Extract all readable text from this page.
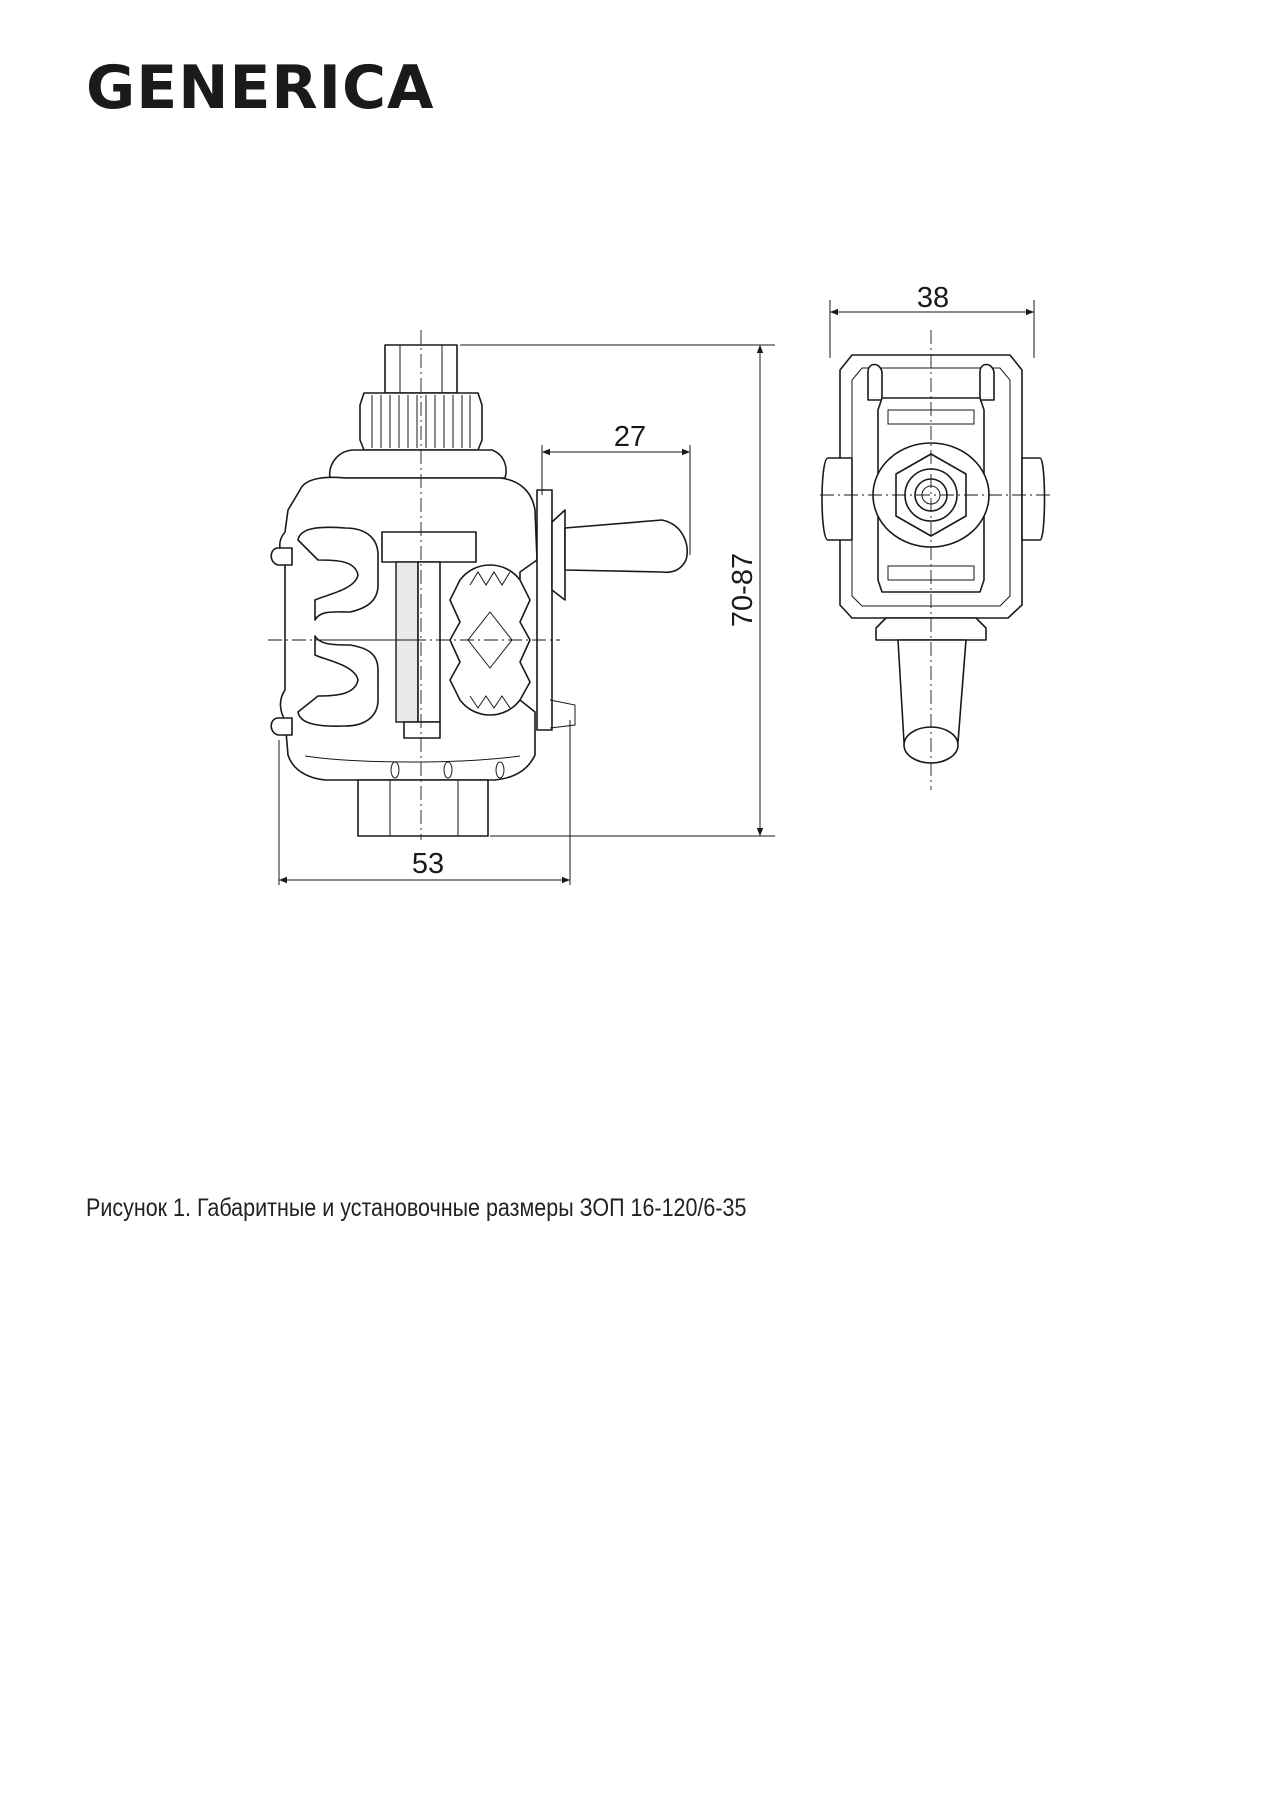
GENERICA
38
27
53
70-87
Рисунок 1. Габаритные и установочные размеры ЗОП 16-120/6-35
